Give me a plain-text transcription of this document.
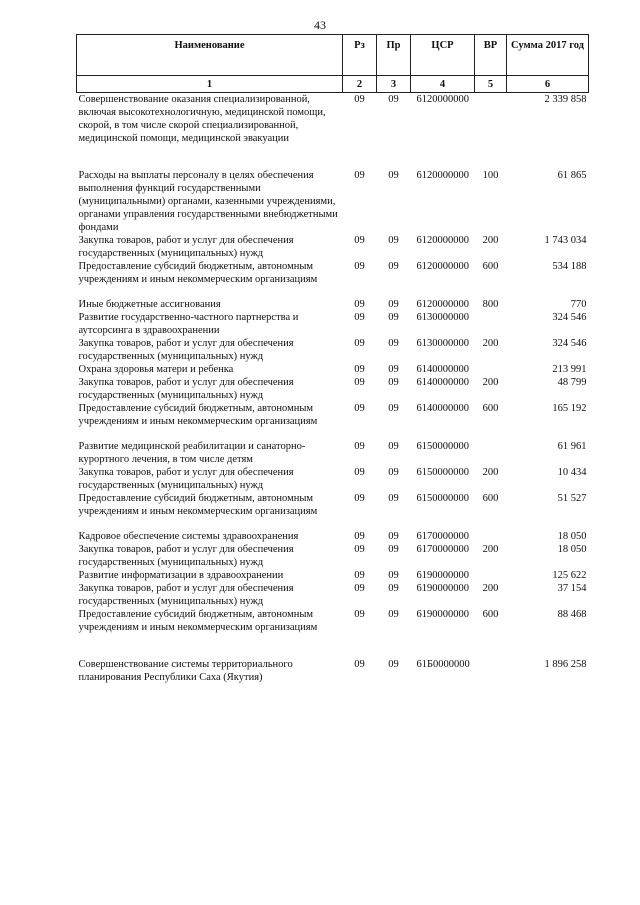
43
Наименование	Рз	Пр	ЦСР	ВР	Сумма 2017 год
1	2	3	4	5	6
Совершенствование оказания специализированной, включая высокотехнологичную, медицинской помощи, скорой, в том числе скорой специализированной, медицинской помощи, медицинской эвакуации	09	09	6120000000		2 339 858

Расходы на выплаты персоналу в целях обеспечения выполнения функций государственными (муниципальными) органами, казенными учреждениями, органами управления государственными внебюджетными фондами	09	09	6120000000	100	61 865
Закупка товаров, работ и услуг для обеспечения государственных (муниципальных) нужд	09	09	6120000000	200	1 743 034
Предоставление субсидий бюджетным, автономным учреждениям и иным некоммерческим организациям	09	09	6120000000	600	534 188

Иные бюджетные ассигнования	09	09	6120000000	800	770
Развитие государственно-частного партнерства и аутсорсинга в здравоохранении	09	09	6130000000		324 546
Закупка товаров, работ и услуг для обеспечения государственных (муниципальных) нужд	09	09	6130000000	200	324 546
Охрана здоровья матери и ребенка	09	09	6140000000		213 991
Закупка товаров, работ и услуг для обеспечения государственных (муниципальных) нужд	09	09	6140000000	200	48 799
Предоставление субсидий бюджетным, автономным учреждениям и иным некоммерческим организациям	09	09	6140000000	600	165 192

Развитие медицинской реабилитации и санаторно-курортного лечения, в том числе детям	09	09	6150000000		61 961
Закупка товаров, работ и услуг для обеспечения государственных (муниципальных) нужд	09	09	6150000000	200	10 434
Предоставление субсидий бюджетным, автономным учреждениям и иным некоммерческим организациям	09	09	6150000000	600	51 527

Кадровое обеспечение системы здравоохранения	09	09	6170000000		18 050
Закупка товаров, работ и услуг для обеспечения государственных (муниципальных) нужд	09	09	6170000000	200	18 050
Развитие информатизации в здравоохранении	09	09	6190000000		125 622
Закупка товаров, работ и услуг для обеспечения государственных (муниципальных) нужд	09	09	6190000000	200	37 154
Предоставление субсидий бюджетным, автономным учреждениям и иным некоммерческим организациям	09	09	6190000000	600	88 468

Совершенствование системы территориального планирования Республики Саха (Якутия)	09	09	61Б0000000		1 896 258
